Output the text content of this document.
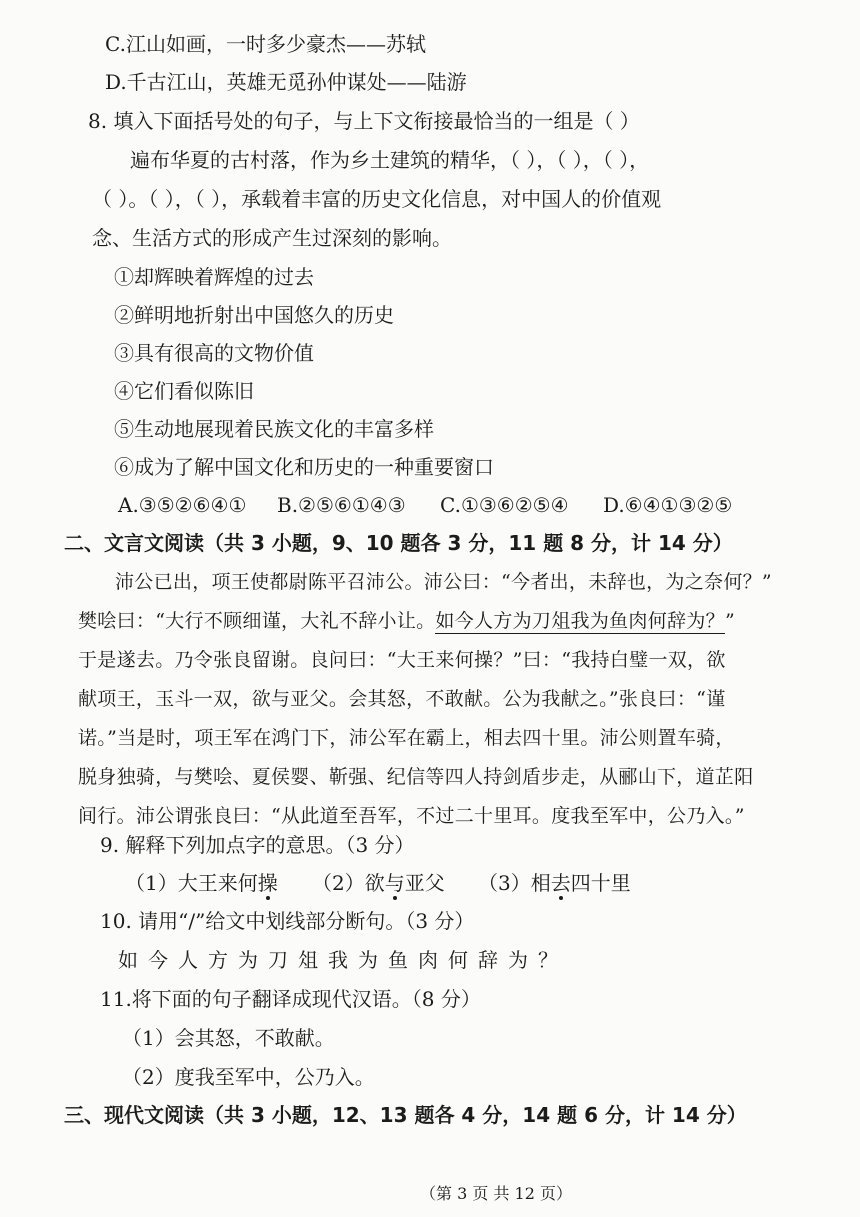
C.江山如画，一时多少豪杰——苏轼
D.千古江山，英雄无觅孙仲谋处——陆游
8. 填入下面括号处的句子，与上下文衔接最恰当的一组是（ ）
遍布华夏的古村落，作为乡土建筑的精华，（ ），（ ），（ ），
（ ）。（ ），（ ），承载着丰富的历史文化信息，对中国人的价值观
念、生活方式的形成产生过深刻的影响。
①却辉映着辉煌的过去
②鲜明地折射出中国悠久的历史
③具有很高的文物价值
④它们看似陈旧
⑤生动地展现着民族文化的丰富多样
⑥成为了解中国文化和历史的一种重要窗口
A.③⑤②⑥④① B.②⑤⑥①④③ C.①③⑥②⑤④ D.⑥④①③②⑤
二、文言文阅读（共 3 小题，9、10 题各 3 分，11 题 8 分，计 14 分）
沛公已出，项王使都尉陈平召沛公。沛公曰：“今者出，未辞也，为之奈何？”
樊哙曰：“大行不顾细谨，大礼不辞小让。如今人方为刀俎我为鱼肉何辞为？”
于是遂去。乃令张良留谢。良问曰：“大王来何操？”曰：“我持白璧一双，欲
献项王，玉斗一双，欲与亚父。会其怒，不敢献。公为我献之。”张良曰：“谨
诺。”当是时，项王军在鸿门下，沛公军在霸上，相去四十里。沛公则置车骑，
脱身独骑，与樊哙、夏侯婴、靳强、纪信等四人持剑盾步走，从郦山下，道芷阳
间行。沛公谓张良曰：“从此道至吾军，不过二十里耳。度我至军中，公乃入。”
9. 解释下列加点字的意思。（3 分）
（1）大王来何操 （2）欲与亚父 （3）相去四十里
10. 请用“/”给文中划线部分断句。（3 分）
如今人方为刀俎我为鱼肉何辞为？
11.将下面的句子翻译成现代汉语。（8 分）
（1）会其怒，不敢献。
（2）度我至军中，公乃入。
三、现代文阅读（共 3 小题，12、13 题各 4 分，14 题 6 分，计 14 分）
（第 3 页 共 12 页）
